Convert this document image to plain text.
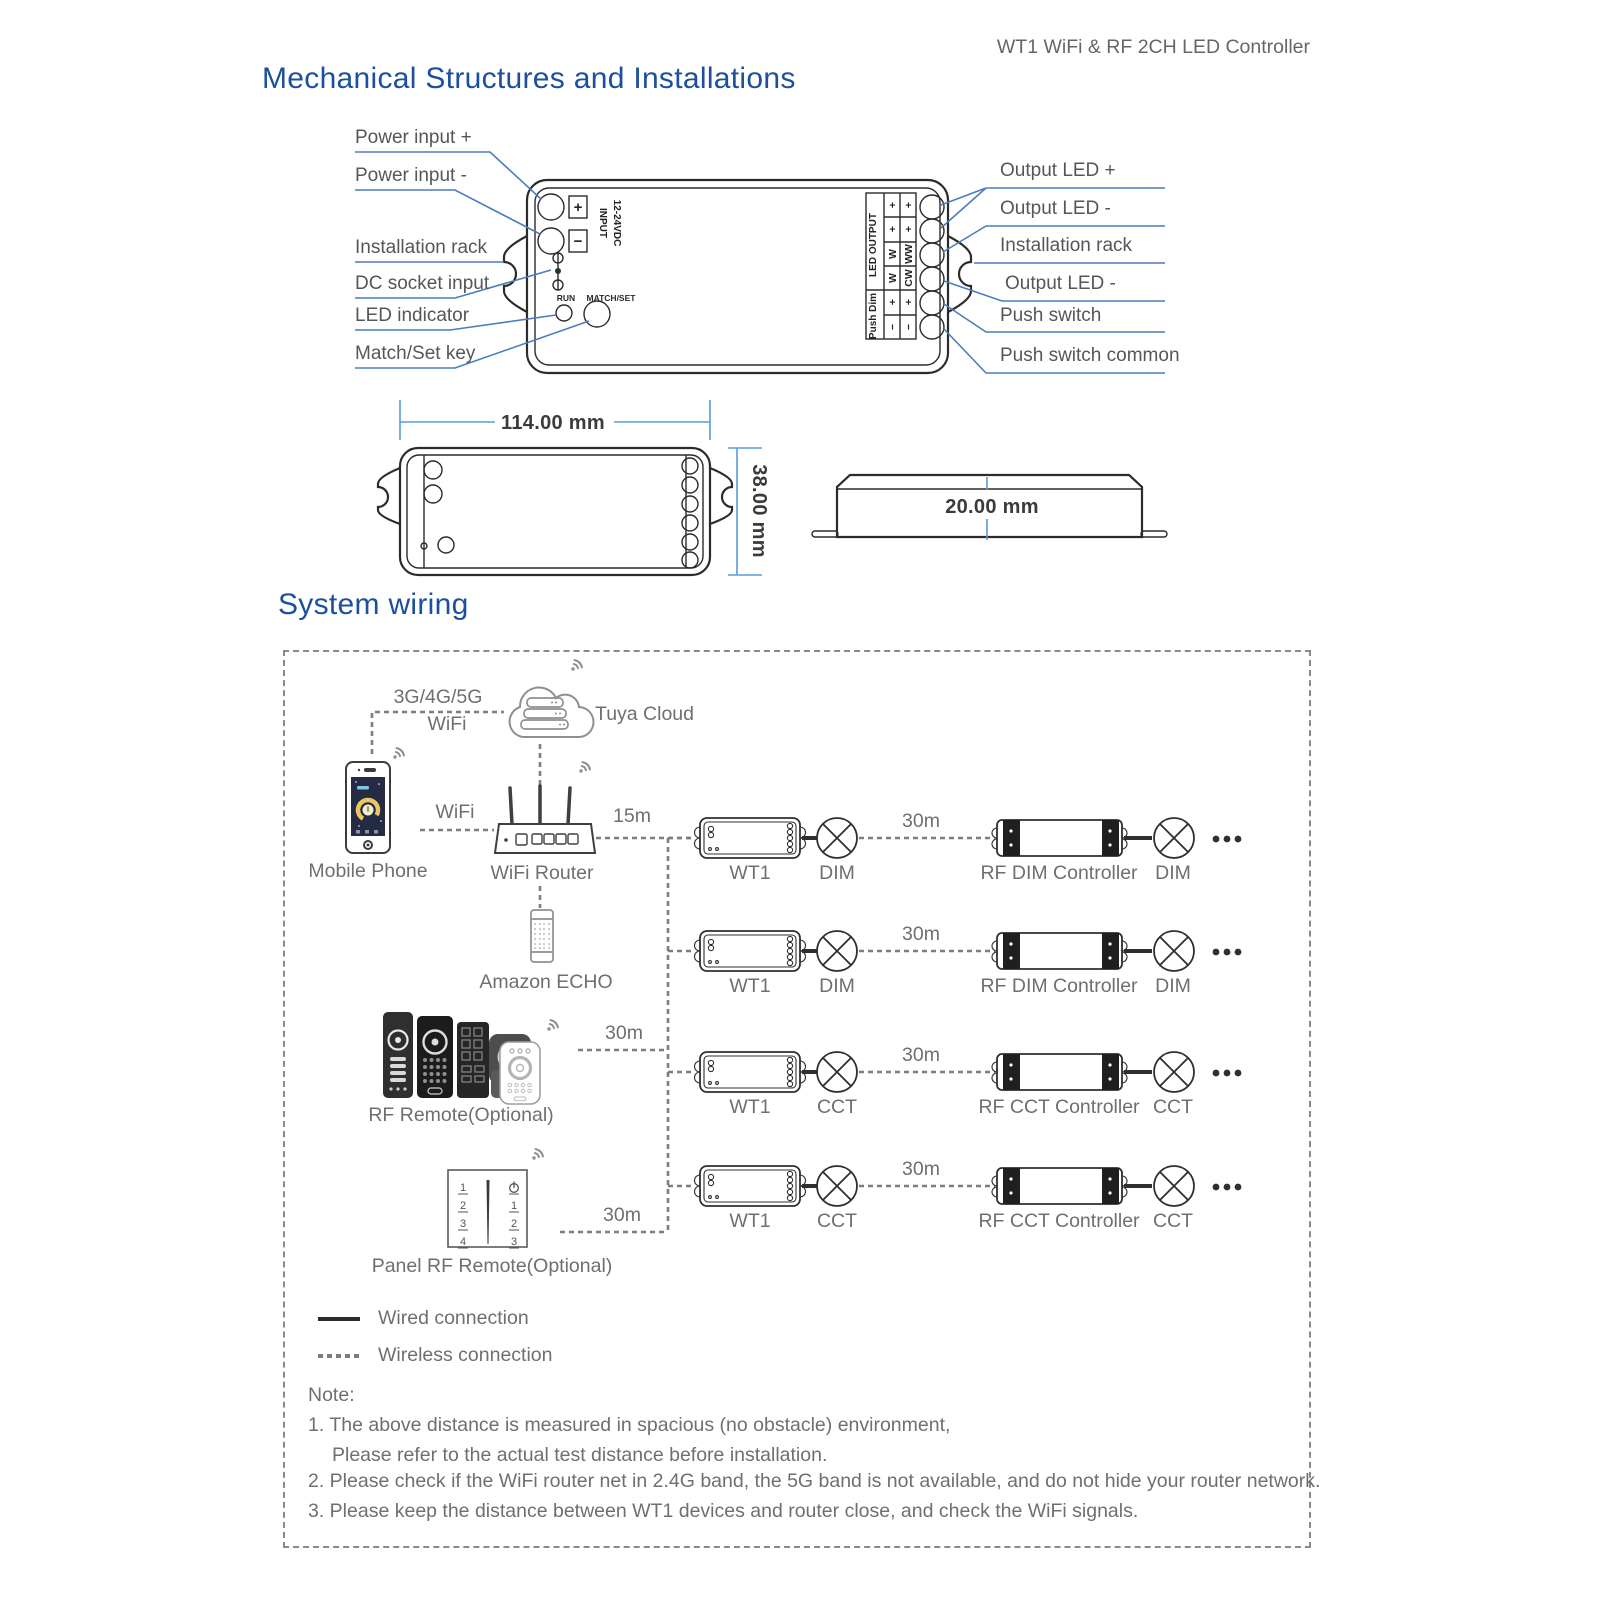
+
−
INPUT 12-24VDC
RUN MATCH/SET
LED OUTPUT
Push Dim
+ +
+ +
W WW
W CW
+ +
− −
114.00 mm
38.00 mm	20.00 mm
1
2
3
4
1
2
3
WT1 WiFi & RF 2CH LED Controller
Mechanical Structures and Installations
Power input +
Power input -
Installation rack
DC socket input
LED indicator
Match/Set key
Output LED +
Output LED -
Installation rack
Output LED -
Push switch
Push switch common
System wiring
3G/4G/5G
WiFi	Tuya Cloud
WiFi
Mobile Phone	WiFi Router
15m
Amazon ECHO
RF Remote(Optional)
30m
Panel RF Remote(Optional)
30m
WT1 DIM
30m
RF DIM Controller DIM
WT1 DIM
30m
RF DIM Controller DIM
WT1 CCT
30m
RF CCT Controller CCT
WT1 CCT
30m
RF CCT Controller CCT
Wired connection
Wireless connection
Note:
1. The above distance is measured in spacious (no obstacle) environment,
Please refer to the actual test distance before installation.
2. Please check if the WiFi router net in 2.4G band, the 5G band is not available, and do not hide your router network.
3. Please keep the distance between WT1 devices and router close, and check the WiFi signals.
